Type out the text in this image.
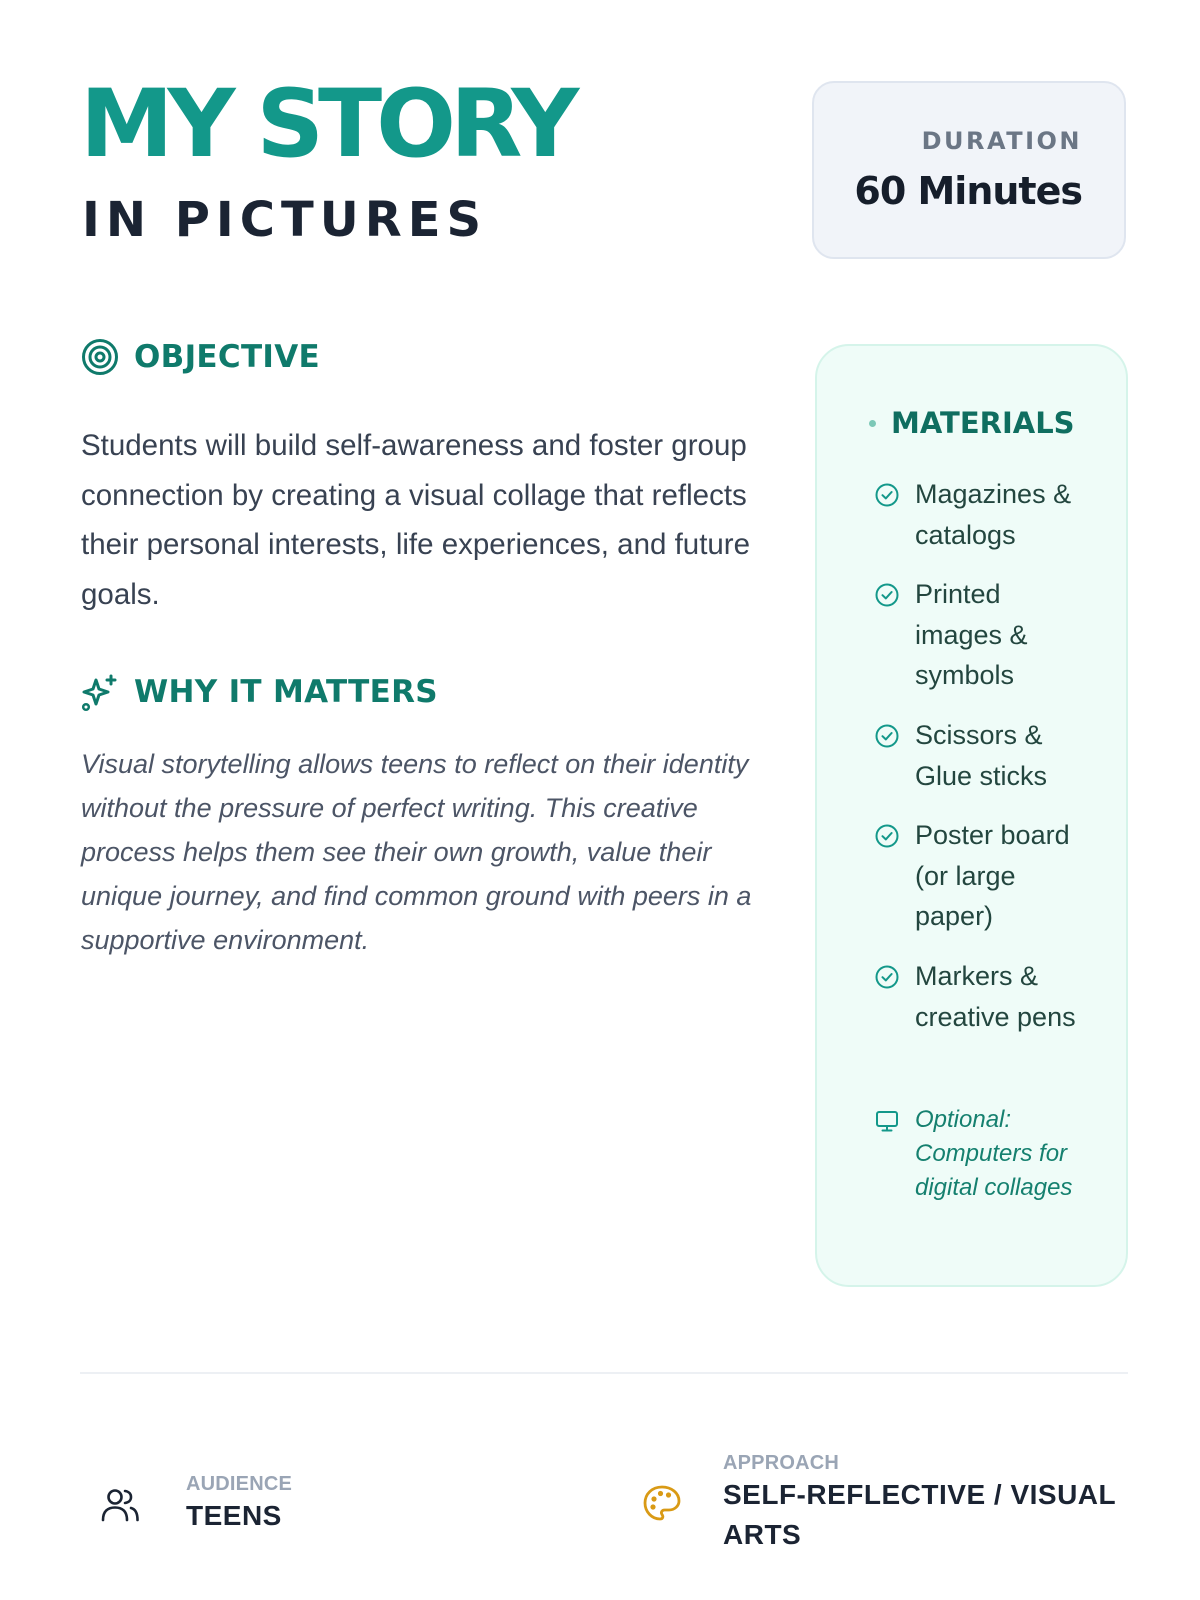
MY STORY
IN PICTURES
DURATION
60 Minutes
OBJECTIVE

Students will build self-awareness and foster group connection by creating a visual collage that reflects their personal interests, life experiences, and future goals.

WHY IT MATTERS

Visual storytelling allows teens to reflect on their identity without the pressure of perfect writing. This creative process helps them see their own growth, value their unique journey, and find common ground with peers in a supportive environment.

MATERIALS
Magazines & catalogs
Printed images & symbols
Scissors & Glue sticks
Poster board (or large paper)
Markers & creative pens
Optional: Computers for digital collages
AUDIENCE
TEENS
APPROACH
SELF-REFLECTIVE / VISUAL ARTS
